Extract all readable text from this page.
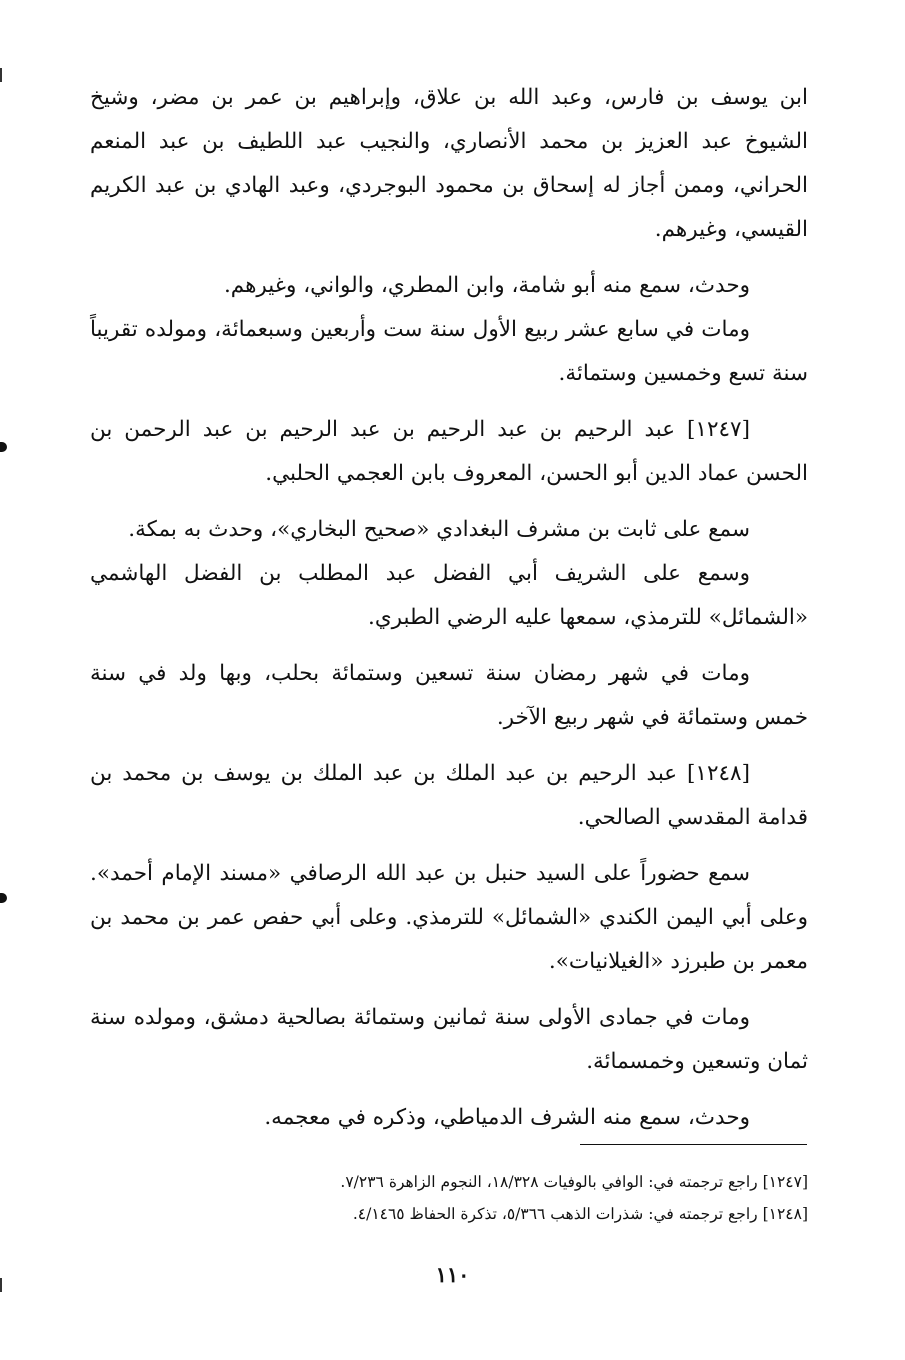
ابن يوسف بن فارس، وعبد الله بن علاق، وإبراهيم بن عمر بن مضر، وشيخ الشيوخ عبد العزيز بن محمد الأنصاري، والنجيب عبد اللطيف بن عبد المنعم الحراني، وممن أجاز له إسحاق بن محمود البوجردي، وعبد الهادي بن عبد الكريم القيسي، وغيرهم.

وحدث، سمع منه أبو شامة، وابن المطري، والواني، وغيرهم.

ومات في سابع عشر ربيع الأول سنة ست وأربعين وسبعمائة، ومولده تقريباً سنة تسع وخمسين وستمائة.

[١٢٤٧] عبد الرحيم بن عبد الرحيم بن عبد الرحيم بن عبد الرحمن بن الحسن عماد الدين أبو الحسن، المعروف بابن العجمي الحلبي.

سمع على ثابت بن مشرف البغدادي «صحيح البخاري»، وحدث به بمكة.

وسمع على الشريف أبي الفضل عبد المطلب بن الفضل الهاشمي «الشمائل» للترمذي، سمعها عليه الرضي الطبري.

ومات في شهر رمضان سنة تسعين وستمائة بحلب، وبها ولد في سنة خمس وستمائة في شهر ربيع الآخر.

[١٢٤٨] عبد الرحيم بن عبد الملك بن عبد الملك بن يوسف بن محمد بن قدامة المقدسي الصالحي.

سمع حضوراً على السيد حنبل بن عبد الله الرصافي «مسند الإمام أحمد». وعلى أبي اليمن الكندي «الشمائل» للترمذي. وعلى أبي حفص عمر بن محمد بن معمر بن طبرزد «الغيلانيات».

ومات في جمادى الأولى سنة ثمانين وستمائة بصالحية دمشق، ومولده سنة ثمان وتسعين وخمسمائة.

وحدث، سمع منه الشرف الدمياطي، وذكره في معجمه.

[١٢٤٧] راجع ترجمته في: الوافي بالوفيات ١٨/٣٢٨، النجوم الزاهرة ٧/٢٣٦.

[١٢٤٨] راجع ترجمته في: شذرات الذهب ٥/٣٦٦، تذكرة الحفاظ ٤/١٤٦٥.

١١٠
